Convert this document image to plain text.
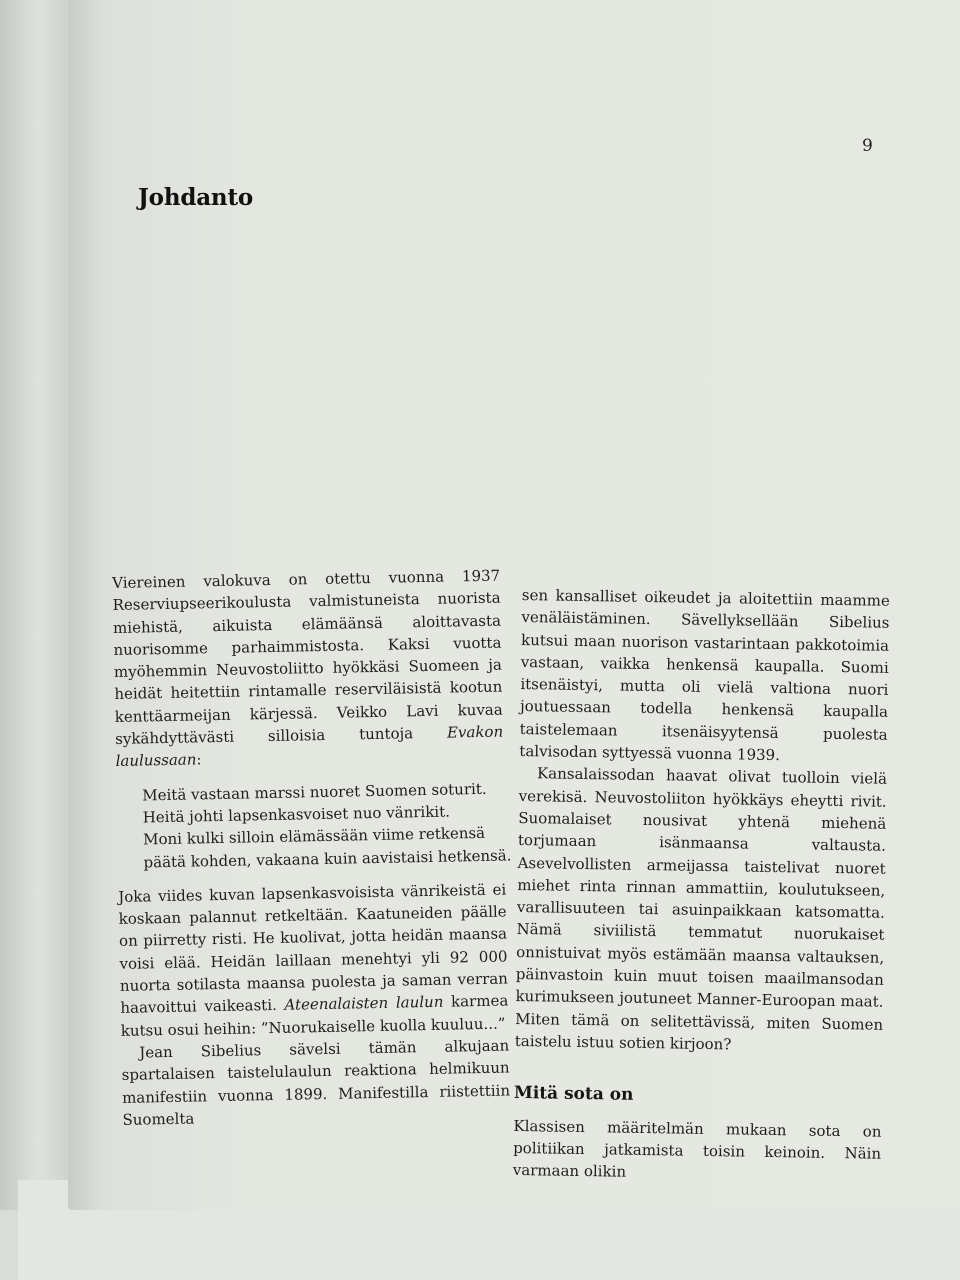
9
Johdanto

Viereinen valokuva on otettu vuonna 1937 Reserviupseerikoulusta valmistuneista nuorista miehistä, aikuista elämäänsä aloittavasta nuorisomme parhaimmistosta. Kaksi vuotta myöhemmin Neuvostoliitto hyökkäsi Suomeen ja heidät heitettiin rintamalle reserviläisistä kootun kenttäarmeijan kärjessä. Veikko Lavi kuvaa sykähdyttävästi silloisia tuntoja Evakon laulussaan:

Meitä vastaan marssi nuoret Suomen soturit.
Heitä johti lapsenkasvoiset nuo vänrikit.
Moni kulki silloin elämässään viime retkensä
päätä kohden, vakaana kuin aavistaisi hetkensä.

Joka viides kuvan lapsenkasvoisista vänrikeistä ei koskaan palannut retkeltään. Kaatuneiden päälle on piirretty risti. He kuolivat, jotta heidän maansa voisi elää. Heidän laillaan menehtyi yli 92 000 nuorta sotilasta maansa puolesta ja saman verran haavoittui vaikeasti. Ateenalaisten laulun karmea kutsu osui heihin: ”Nuorukaiselle kuolla kuuluu...”

Jean Sibelius sävelsi tämän alkujaan spartalaisen taistelulaulun reaktiona helmikuun manifestiin vuonna 1899. Manifestilla riistettiin Suomelta

sen kansalliset oikeudet ja aloitettiin maamme venäläistäminen. Sävellyksellään Sibelius kutsui maan nuorison vastarintaan pakkotoimia vastaan, vaikka henkensä kaupalla. Suomi itsenäistyi, mutta oli vielä valtiona nuori joutuessaan todella henkensä kaupalla taistelemaan itsenäisyytensä puolesta talvisodan syttyessä vuonna 1939.

Kansalaissodan haavat olivat tuolloin vielä verekisä. Neuvostoliiton hyökkäys eheytti rivit. Suomalaiset nousivat yhtenä miehenä torjumaan isänmaansa valtausta. Asevelvollisten armeijassa taistelivat nuoret miehet rinta rinnan ammattiin, koulutukseen, varallisuuteen tai asuinpaikkaan katsomatta. Nämä siviilistä temmatut nuorukaiset onnistuivat myös estämään maansa valtauksen, päinvastoin kuin muut toisen maailmansodan kurimukseen joutuneet Manner-Euroopan maat. Miten tämä on selitettävissä, miten Suomen taistelu istuu sotien kirjoon?

Mitä sota on

Klassisen määritelmän mukaan sota on politiikan jatkamista toisin keinoin. Näin varmaan olikin
